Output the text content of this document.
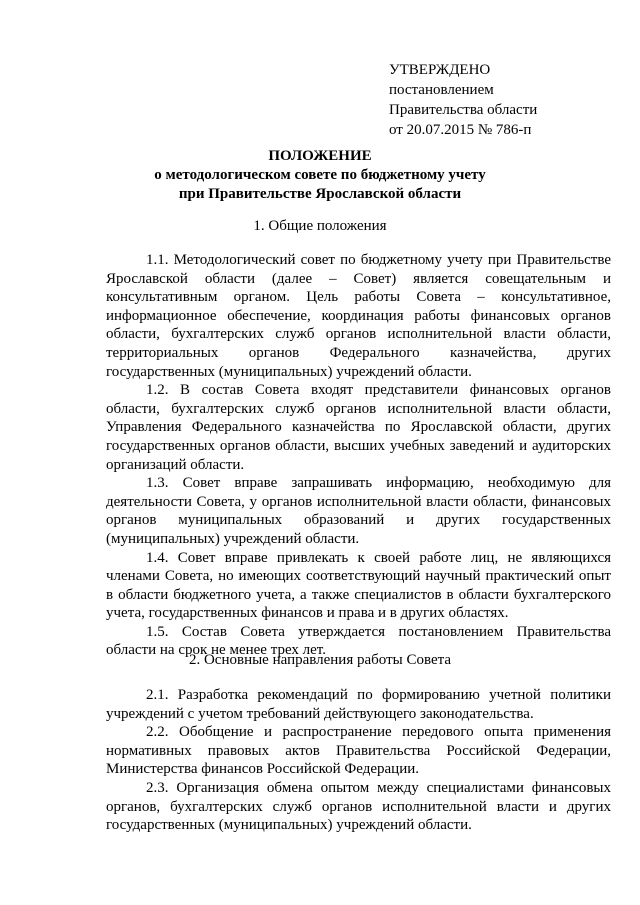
УТВЕРЖДЕНО
постановлением
Правительства области
от 20.07.2015 № 786-п
ПОЛОЖЕНИЕ
о методологическом совете по бюджетному учету
при Правительстве Ярославской области
1. Общие положения

1.1. Методологический совет по бюджетному учету при Правительстве Ярославской области (далее – Совет) является совещательным и консультативным органом. Цель работы Совета – консультативное, информационное обеспечение, координация работы финансовых органов области, бухгалтерских служб органов исполнительной власти области, территориальных органов Федерального казначейства, других государственных (муниципальных) учреждений области.

1.2. В состав Совета входят представители финансовых органов области, бухгалтерских служб органов исполнительной власти области, Управления Федерального казначейства по Ярославской области, других государственных органов области, высших учебных заведений и аудиторских организаций области.

1.3. Совет вправе запрашивать информацию, необходимую для деятельности Совета, у органов исполнительной власти области, финансовых органов муниципальных образований и других государственных (муниципальных) учреждений области.

1.4. Совет вправе привлекать к своей работе лиц, не являющихся членами Совета, но имеющих соответствующий научный практический опыт в области бюджетного учета, а также специалистов в области бухгалтерского учета, государственных финансов и права и в других областях.

1.5. Состав Совета утверждается постановлением Правительства области на срок не менее трех лет.

2. Основные направления работы Совета

2.1. Разработка рекомендаций по формированию учетной политики учреждений с учетом требований действующего законодательства.

2.2. Обобщение и распространение передового опыта применения нормативных правовых актов Правительства Российской Федерации, Министерства финансов Российской Федерации.

2.3. Организация обмена опытом между специалистами финансовых органов, бухгалтерских служб органов исполнительной власти и других государственных (муниципальных) учреждений области.
